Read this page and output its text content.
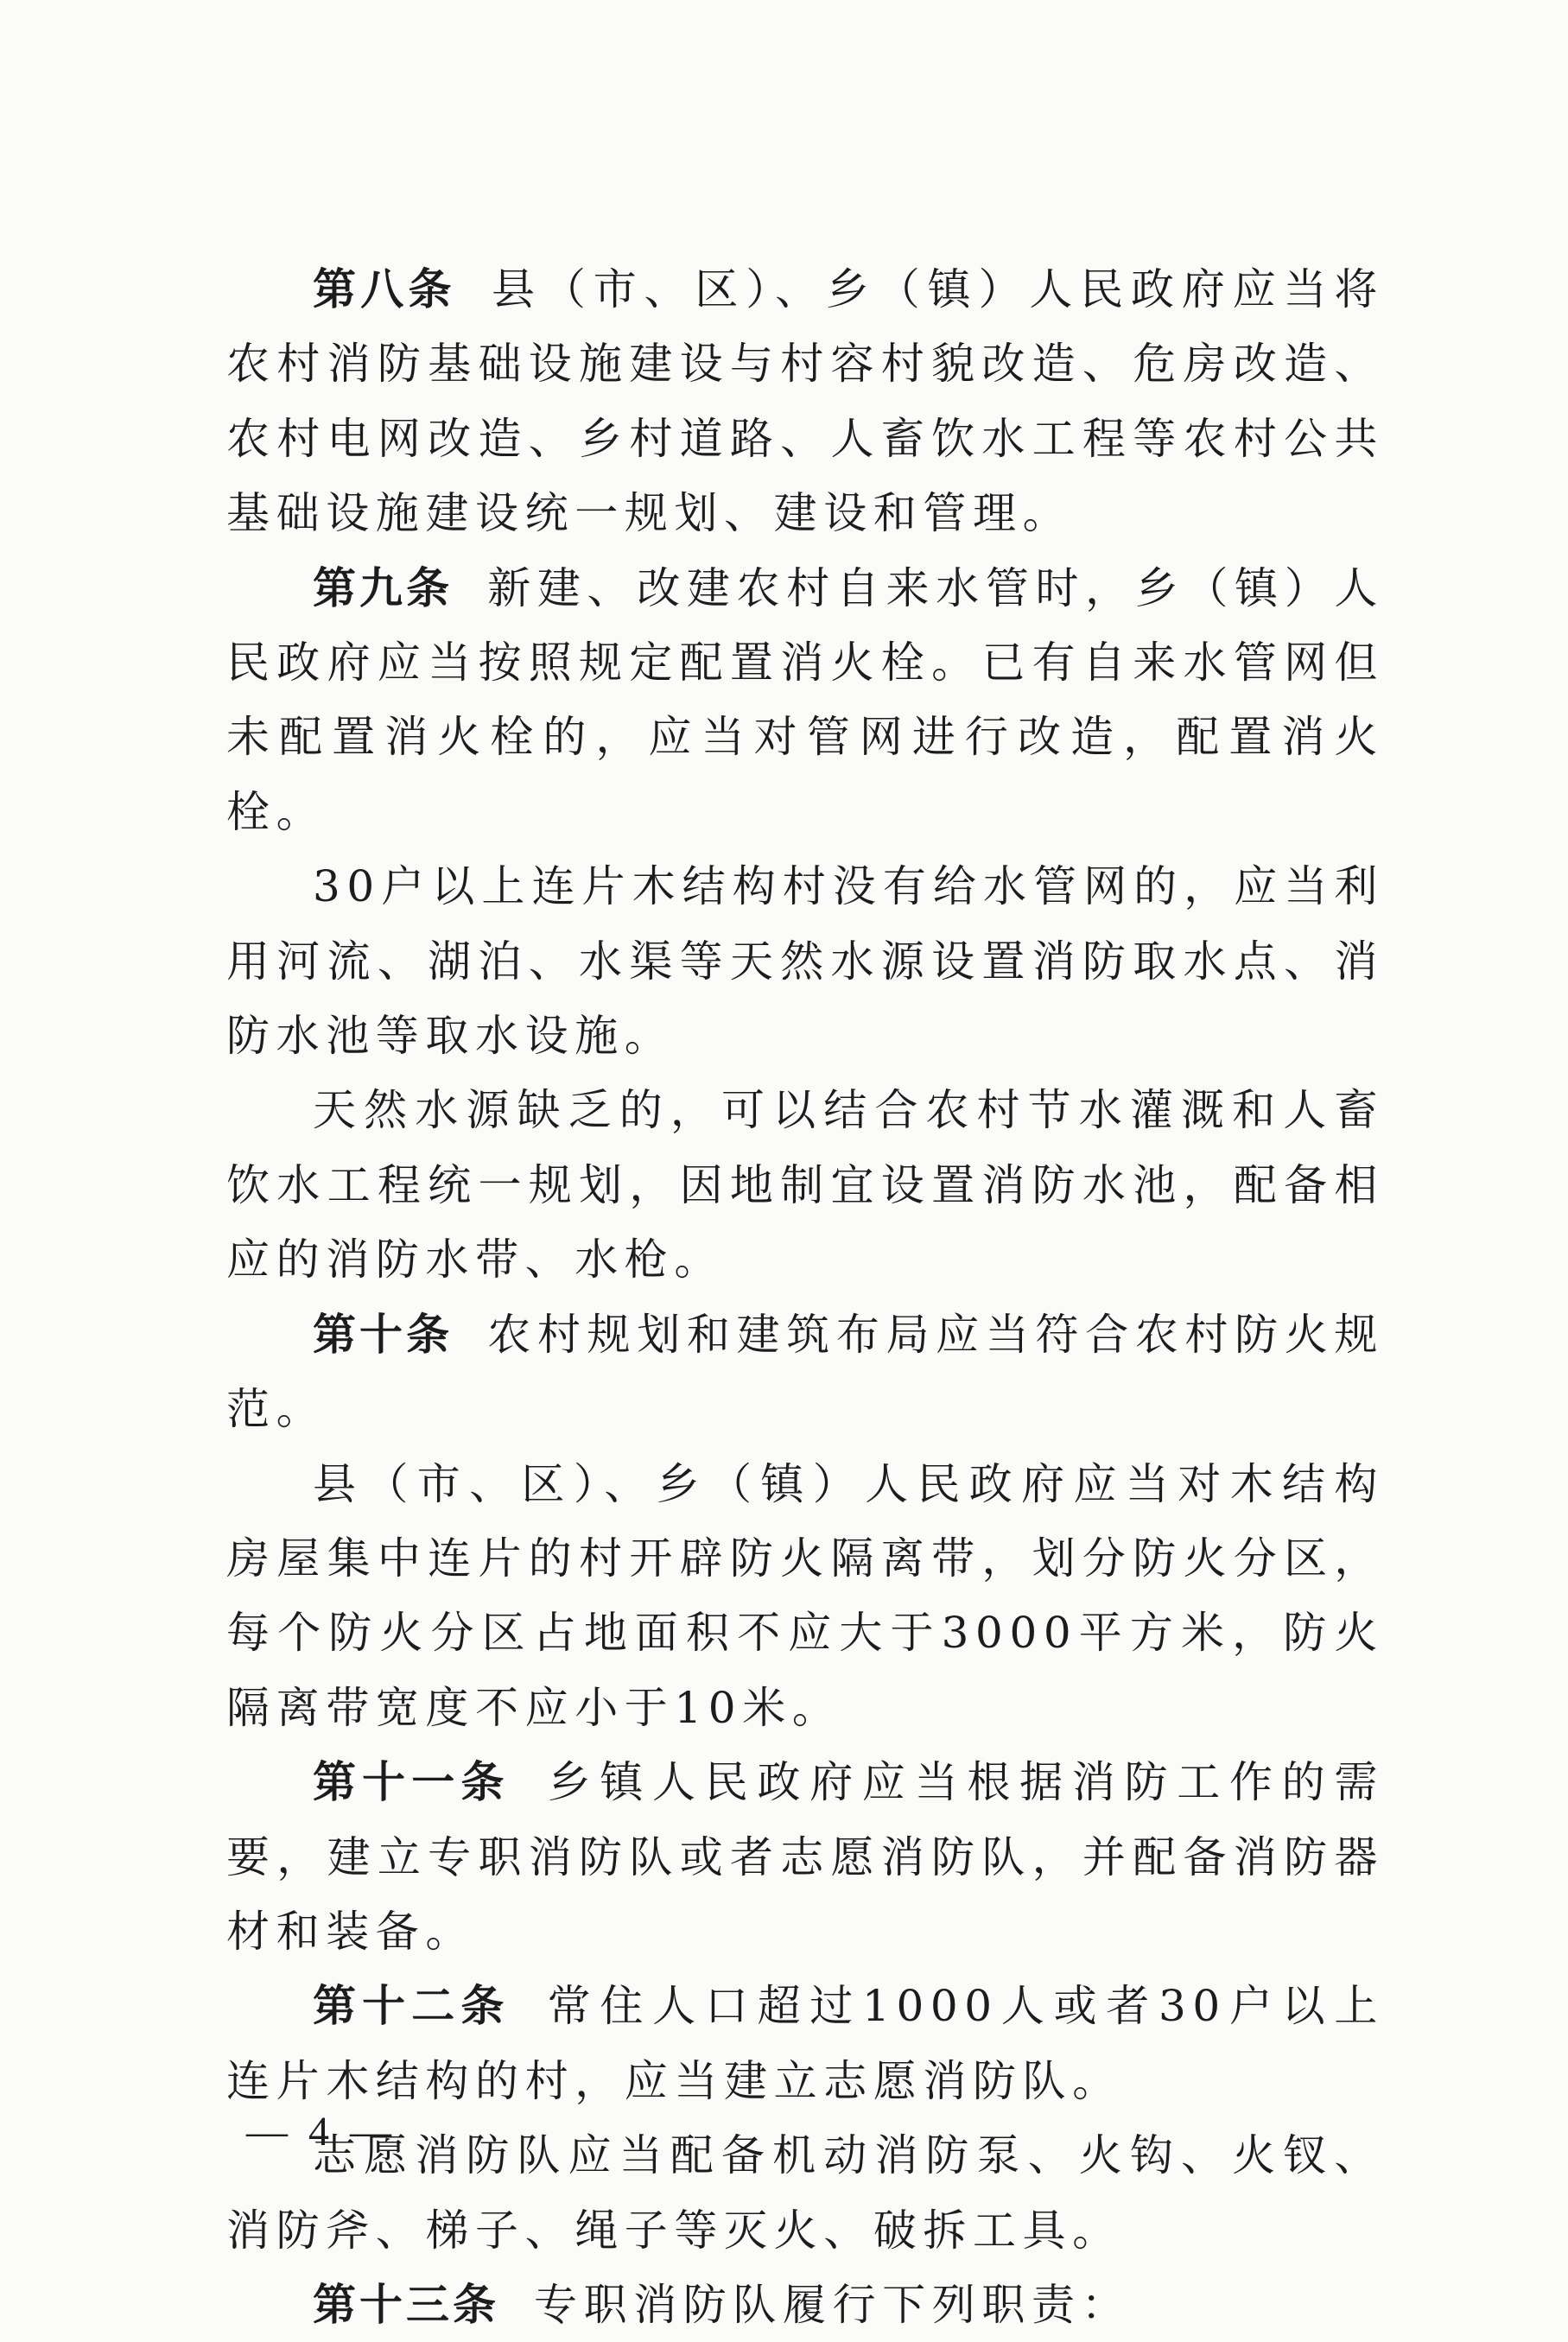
第八条 县（市、区）、乡（镇）人民政府应当将农村消防基础设施建设与村容村貌改造、危房改造、农村电网改造、乡村道路、人畜饮水工程等农村公共基础设施建设统一规划、建设和管理。

第九条 新建、改建农村自来水管时，乡（镇）人民政府应当按照规定配置消火栓。已有自来水管网但未配置消火栓的，应当对管网进行改造，配置消火栓。

30户以上连片木结构村没有给水管网的，应当利用河流、湖泊、水渠等天然水源设置消防取水点、消防水池等取水设施。

天然水源缺乏的，可以结合农村节水灌溉和人畜饮水工程统一规划，因地制宜设置消防水池，配备相应的消防水带、水枪。

第十条 农村规划和建筑布局应当符合农村防火规范。

县（市、区）、乡（镇）人民政府应当对木结构房屋集中连片的村开辟防火隔离带，划分防火分区，每个防火分区占地面积不应大于3000平方米，防火隔离带宽度不应小于10米。

第十一条 乡镇人民政府应当根据消防工作的需要，建立专职消防队或者志愿消防队，并配备消防器材和装备。

第十二条 常住人口超过1000人或者30户以上连片木结构的村，应当建立志愿消防队。

志愿消防队应当配备机动消防泵、火钩、火钗、消防斧、梯子、绳子等灭火、破拆工具。

第十三条 专职消防队履行下列职责：

— 4 —
